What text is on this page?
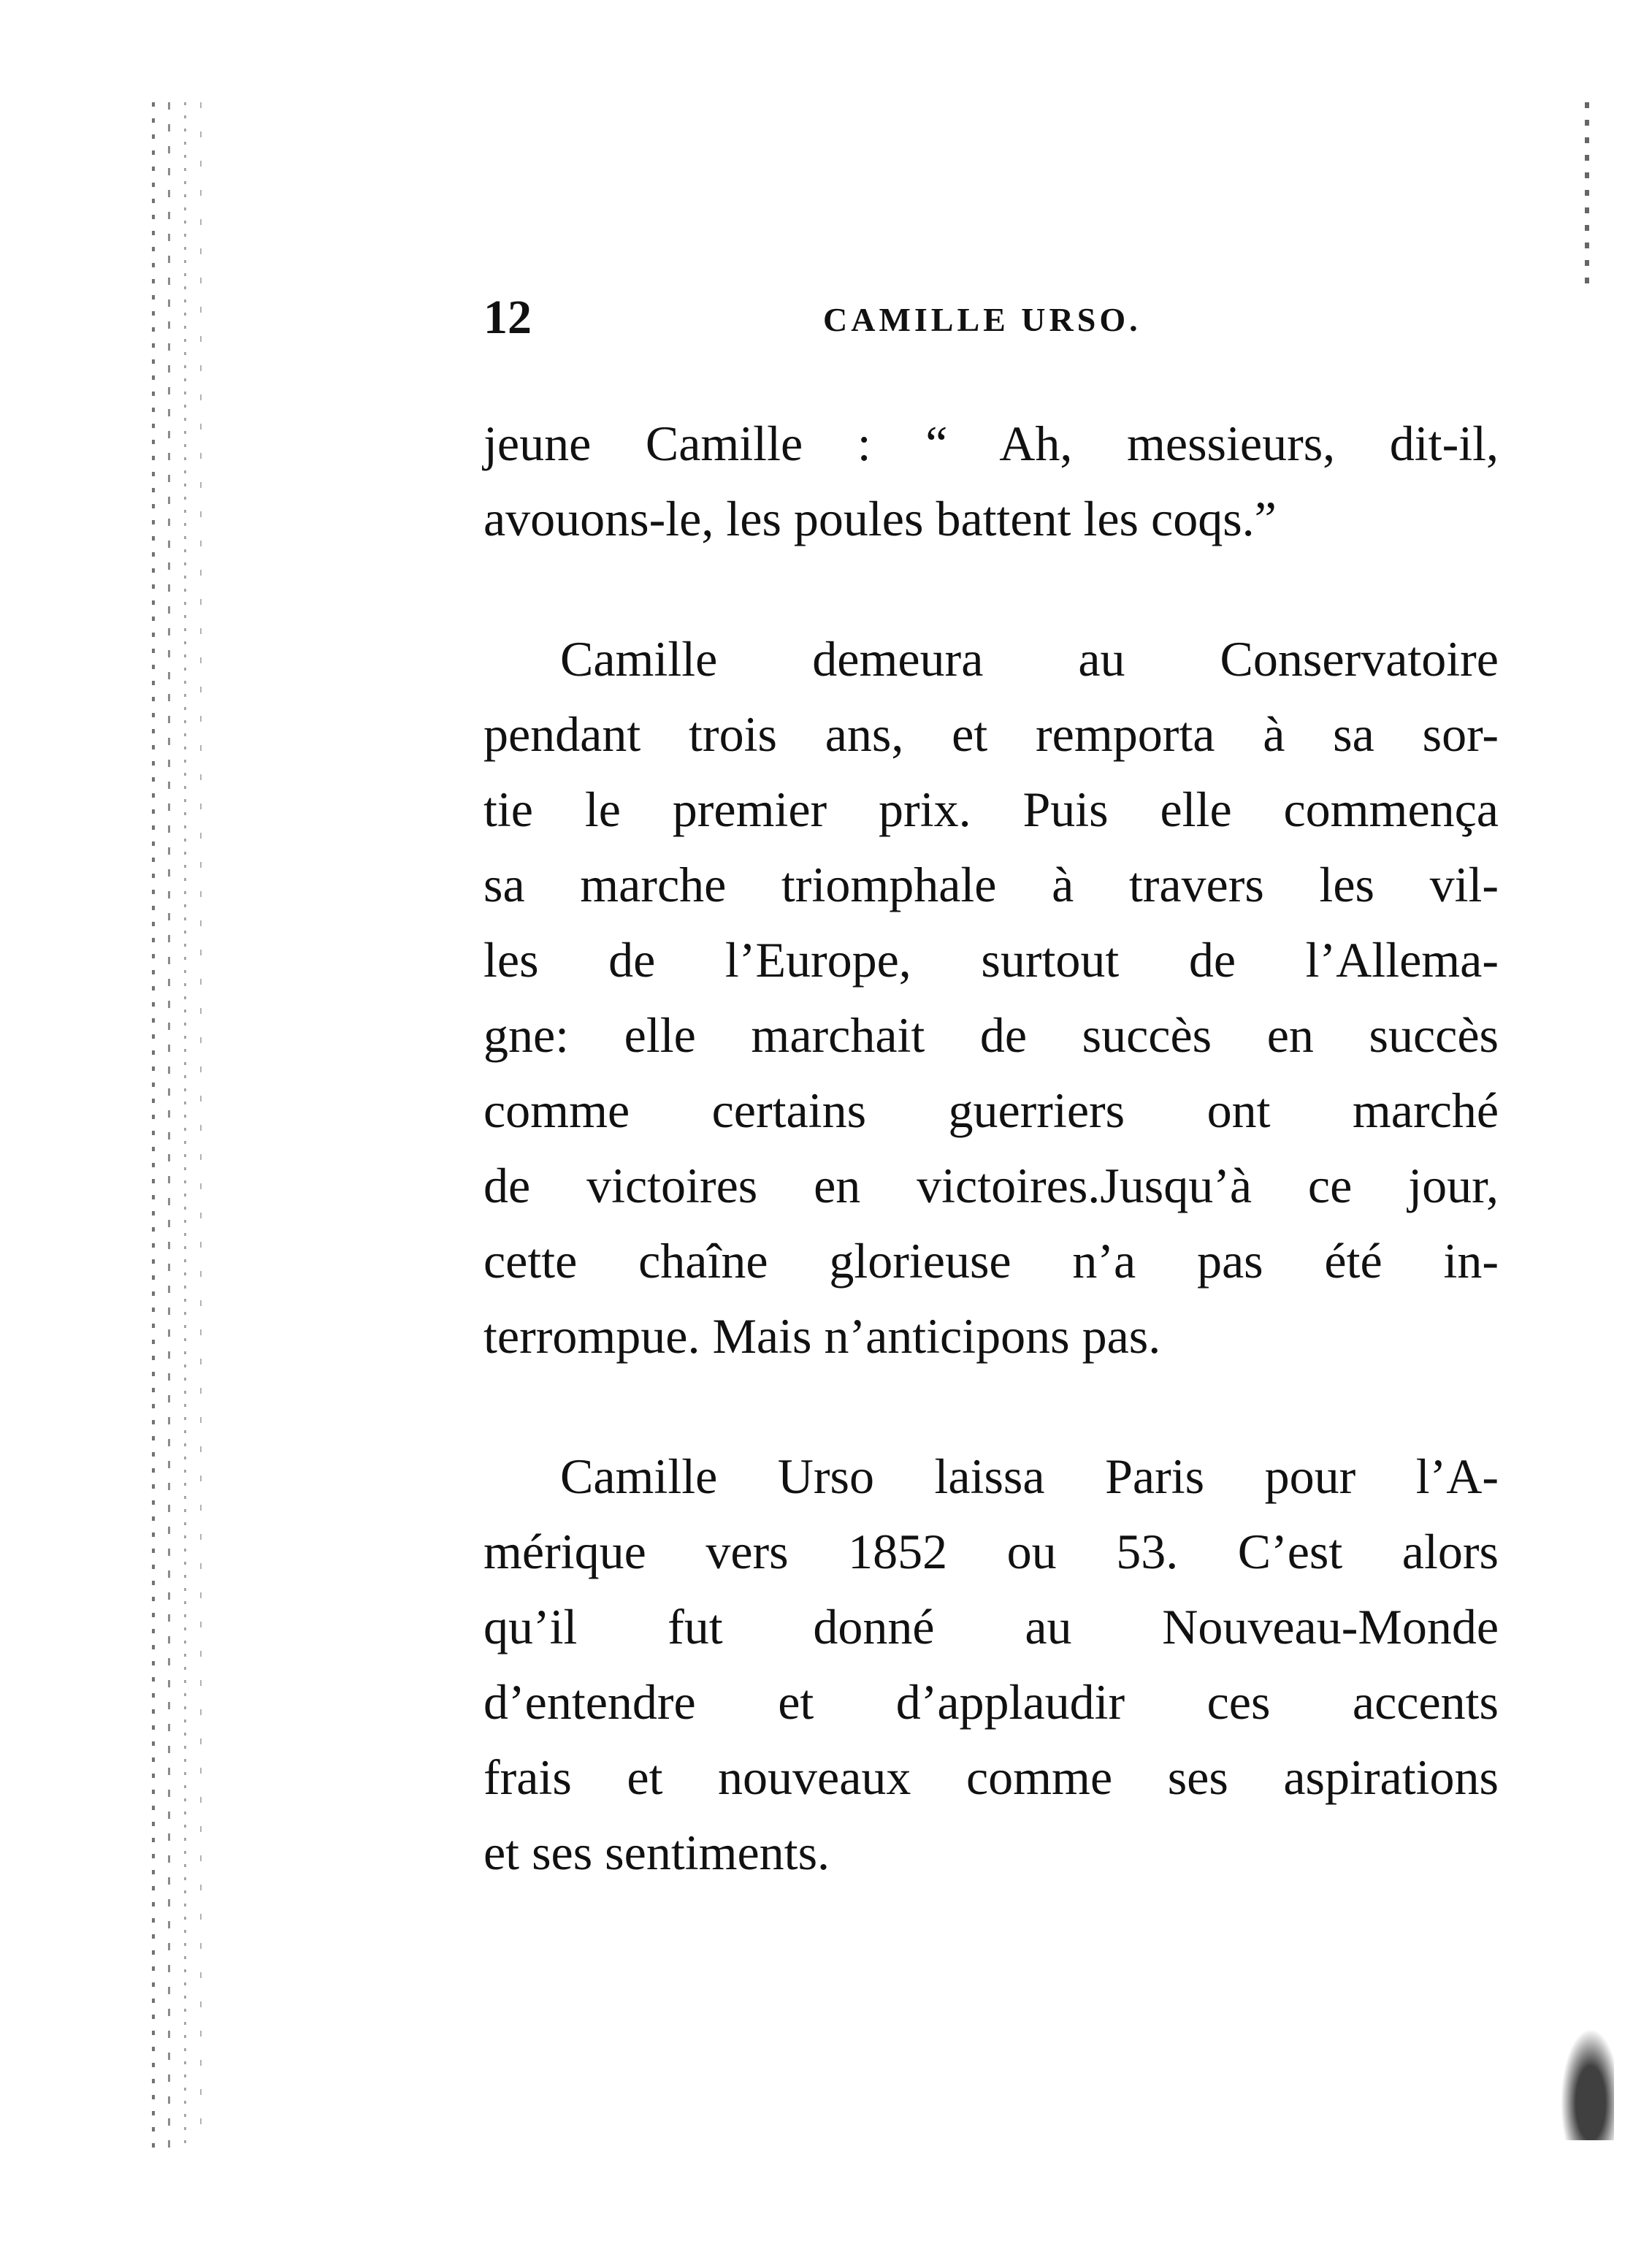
12	CAMILLE URSO.

jeune Camille : “ Ah, messieurs, dit-il,
avouons-le, les poules battent les coqs.”

Camille demeura au Conservatoire
pendant trois ans, et remporta à sa sor-
tie le premier prix. Puis elle commença
sa marche triomphale à travers les vil-
les de l’Europe, surtout de l’Allema-
gne: elle marchait de succès en succès
comme certains guerriers ont marché
de victoires en victoires.Jusqu’à ce jour,
cette chaîne glorieuse n’a pas été in-
terrompue. Mais n’anticipons pas.

Camille Urso laissa Paris pour l’A-
mérique vers 1852 ou 53. C’est alors
qu’il fut donné au Nouveau-Monde
d’entendre et d’applaudir ces accents
frais et nouveaux comme ses aspirations
et ses sentiments.
